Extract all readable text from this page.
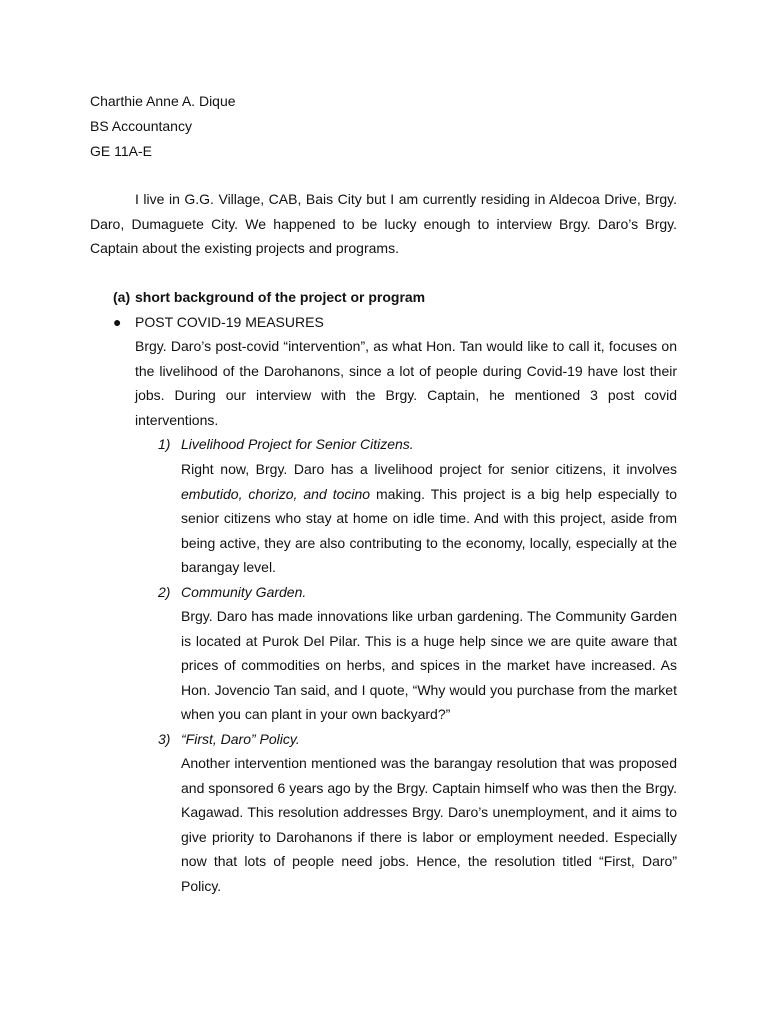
Charthie Anne A. Dique
BS Accountancy
GE 11A-E

I live in G.G. Village, CAB, Bais City but I am currently residing in Aldecoa Drive, Brgy. Daro, Dumaguete City. We happened to be lucky enough to interview Brgy. Daro’s Brgy. Captain about the existing projects and programs.

(a) short background of the project or program
● POST COVID-19 MEASURES

Brgy. Daro’s post-covid “intervention”, as what Hon. Tan would like to call it, focuses on the livelihood of the Darohanons, since a lot of people during Covid-19 have lost their jobs. During our interview with the Brgy. Captain, he mentioned 3 post covid interventions.

1) Livelihood Project for Senior Citizens.

Right now, Brgy. Daro has a livelihood project for senior citizens, it involves embutido, chorizo, and tocino making. This project is a big help especially to senior citizens who stay at home on idle time. And with this project, aside from being active, they are also contributing to the economy, locally, especially at the barangay level.

2) Community Garden.

Brgy. Daro has made innovations like urban gardening. The Community Garden is located at Purok Del Pilar. This is a huge help since we are quite aware that prices of commodities on herbs, and spices in the market have increased. As Hon. Jovencio Tan said, and I quote, “Why would you purchase from the market when you can plant in your own backyard?”

3) “First, Daro” Policy.

Another intervention mentioned was the barangay resolution that was proposed and sponsored 6 years ago by the Brgy. Captain himself who was then the Brgy. Kagawad. This resolution addresses Brgy. Daro’s unemployment, and it aims to give priority to Darohanons if there is labor or employment needed. Especially now that lots of people need jobs. Hence, the resolution titled “First, Daro” Policy.
